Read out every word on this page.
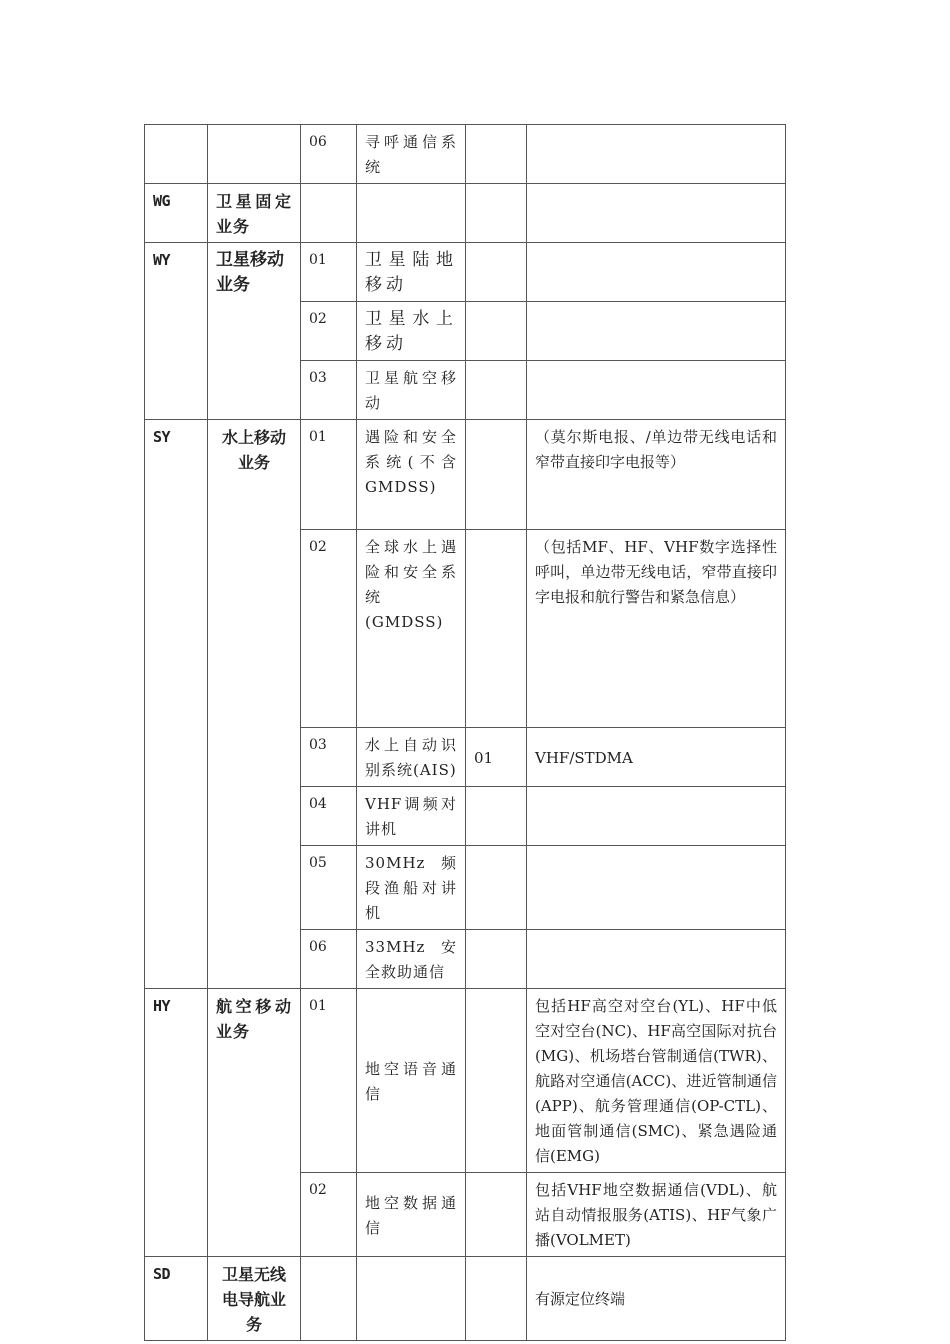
		06	寻呼通信系统		
WG	卫星固定业务				
WY	卫星移动业务	01	卫星陆地移动		
		02	卫星水上移动		
		03	卫星航空移动		
SY	水上移动业务	01	遇险和安全系统(不含GMDSS)		（莫尔斯电报、/单边带无线电话和窄带直接印字电报等）
		02	全球水上遇险和安全系统(GMDSS)		（包括MF、HF、VHF数字选择性呼叫，单边带无线电话，窄带直接印字电报和航行警告和紧急信息）
		03	水上自动识别系统(AIS)	01	VHF/STDMA
		04	VHF调频对讲机		
		05	30MHz频段渔船对讲机		
		06	33MHz安全救助通信		
HY	航空移动业务	01	地空语音通信		包括HF高空对空台(YL)、HF中低空对空台(NC)、HF高空国际对抗台(MG)、机场塔台管制通信(TWR)、航路对空通信(ACC)、进近管制通信(APP)、航务管理通信(OP-CTL)、地面管制通信(SMC)、紧急遇险通信(EMG)
		02	地空数据通信		包括VHF地空数据通信(VDL)、航站自动情报服务(ATIS)、HF气象广播(VOLMET)
SD	卫星无线电导航业务				有源定位终端
